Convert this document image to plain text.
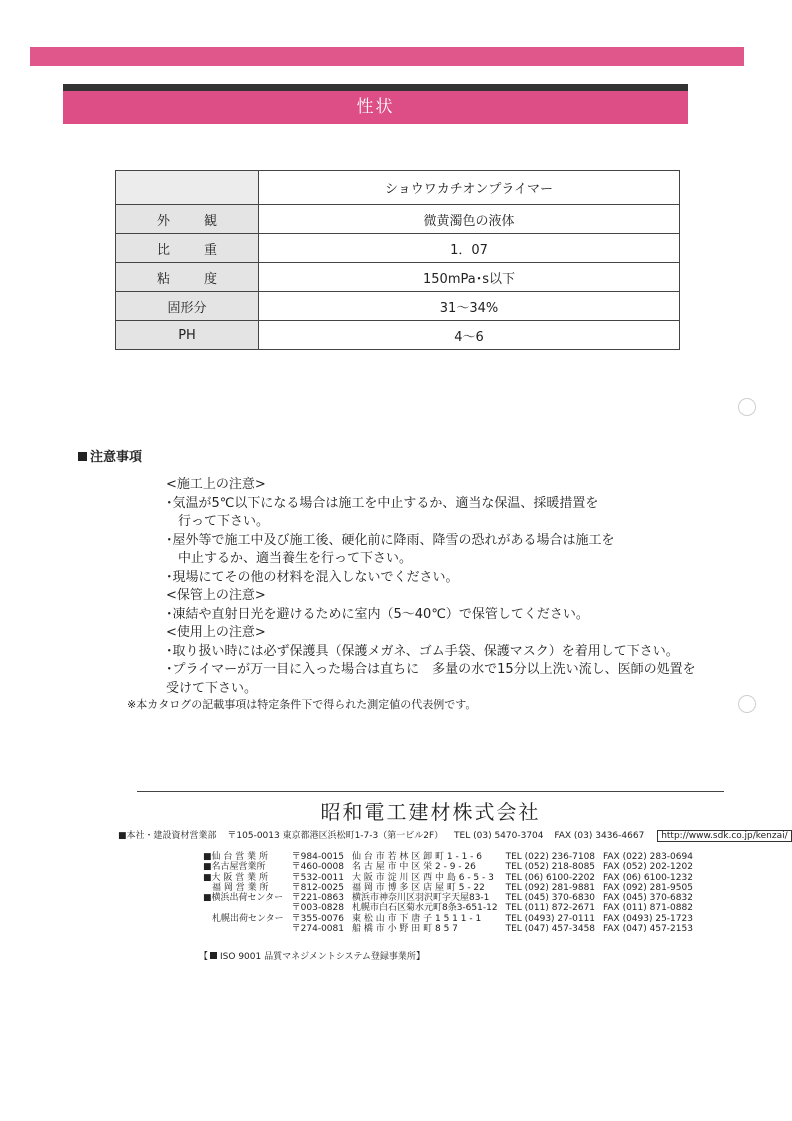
性状
	ショウワカチオンプライマー
外観	微黄濁色の液体
比重	1．07
粘度	150mPa･s以下
固形分	31～34%
PH	4～6
注意事項
<施工上の注意>
･気温が5℃以下になる場合は施工を中止するか、適当な保温、採暖措置を
行って下さい。
･屋外等で施工中及び施工後、硬化前に降雨、降雪の恐れがある場合は施工を
中止するか、適当養生を行って下さい。
･現場にてその他の材料を混入しないでください。
<保管上の注意>
･凍結や直射日光を避けるために室内（5～40℃）で保管してください。
<使用上の注意>
･取り扱い時には必ず保護具（保護メガネ、ゴム手袋、保護マスク）を着用して下さい。
･プライマーが万一目に入った場合は直ちに　多量の水で15分以上洗い流し、医師の処置を
受けて下さい。
※本カタログの記載事項は特定条件下で得られた測定値の代表例です。
昭和電工建材株式会社
■本社・建設資材営業部 〒105-0013 東京都港区浜松町1-7-3（第一ビル2F） TEL (03) 5470-3704 FAX (03) 3436-4667 http://www.sdk.co.jp/kenzai/
■仙 台 営 業 所	〒984-0015	仙 台 市 若 林 区 卸 町 1 - 1 - 6	TEL (022) 236-7108	FAX (022) 283-0694
■名古屋営業所	〒460-0008	名 古 屋 市 中 区 栄 2 - 9 - 26	TEL (052) 218-8085	FAX (052) 202-1202
■大 阪 営 業 所	〒532-0011	大 阪 市 淀 川 区 西 中 島 6 - 5 - 3	TEL (06) 6100-2202	FAX (06) 6100-1232
　福 岡 営 業 所	〒812-0025	福 岡 市 博 多 区 店 屋 町 5 - 22	TEL (092) 281-9881	FAX (092) 281-9505
■横浜出荷センター	〒221-0863	横浜市神奈川区羽沢町字天屋83-1	TEL (045) 370-6830	FAX (045) 370-6832
	〒003-0828	札幌市白石区菊水元町8条3-651-12	TEL (011) 872-2671	FAX (011) 871-0882
　札幌出荷センター	〒355-0076	東 松 山 市 下 唐 子 1 5 1 1 - 1	TEL (0493) 27-0111	FAX (0493) 25-1723
	〒274-0081	船 橋 市 小 野 田 町 8 5 7	TEL (047) 457-3458	FAX (047) 457-2153
【 ISO 9001 品質マネジメントシステム登録事業所】
